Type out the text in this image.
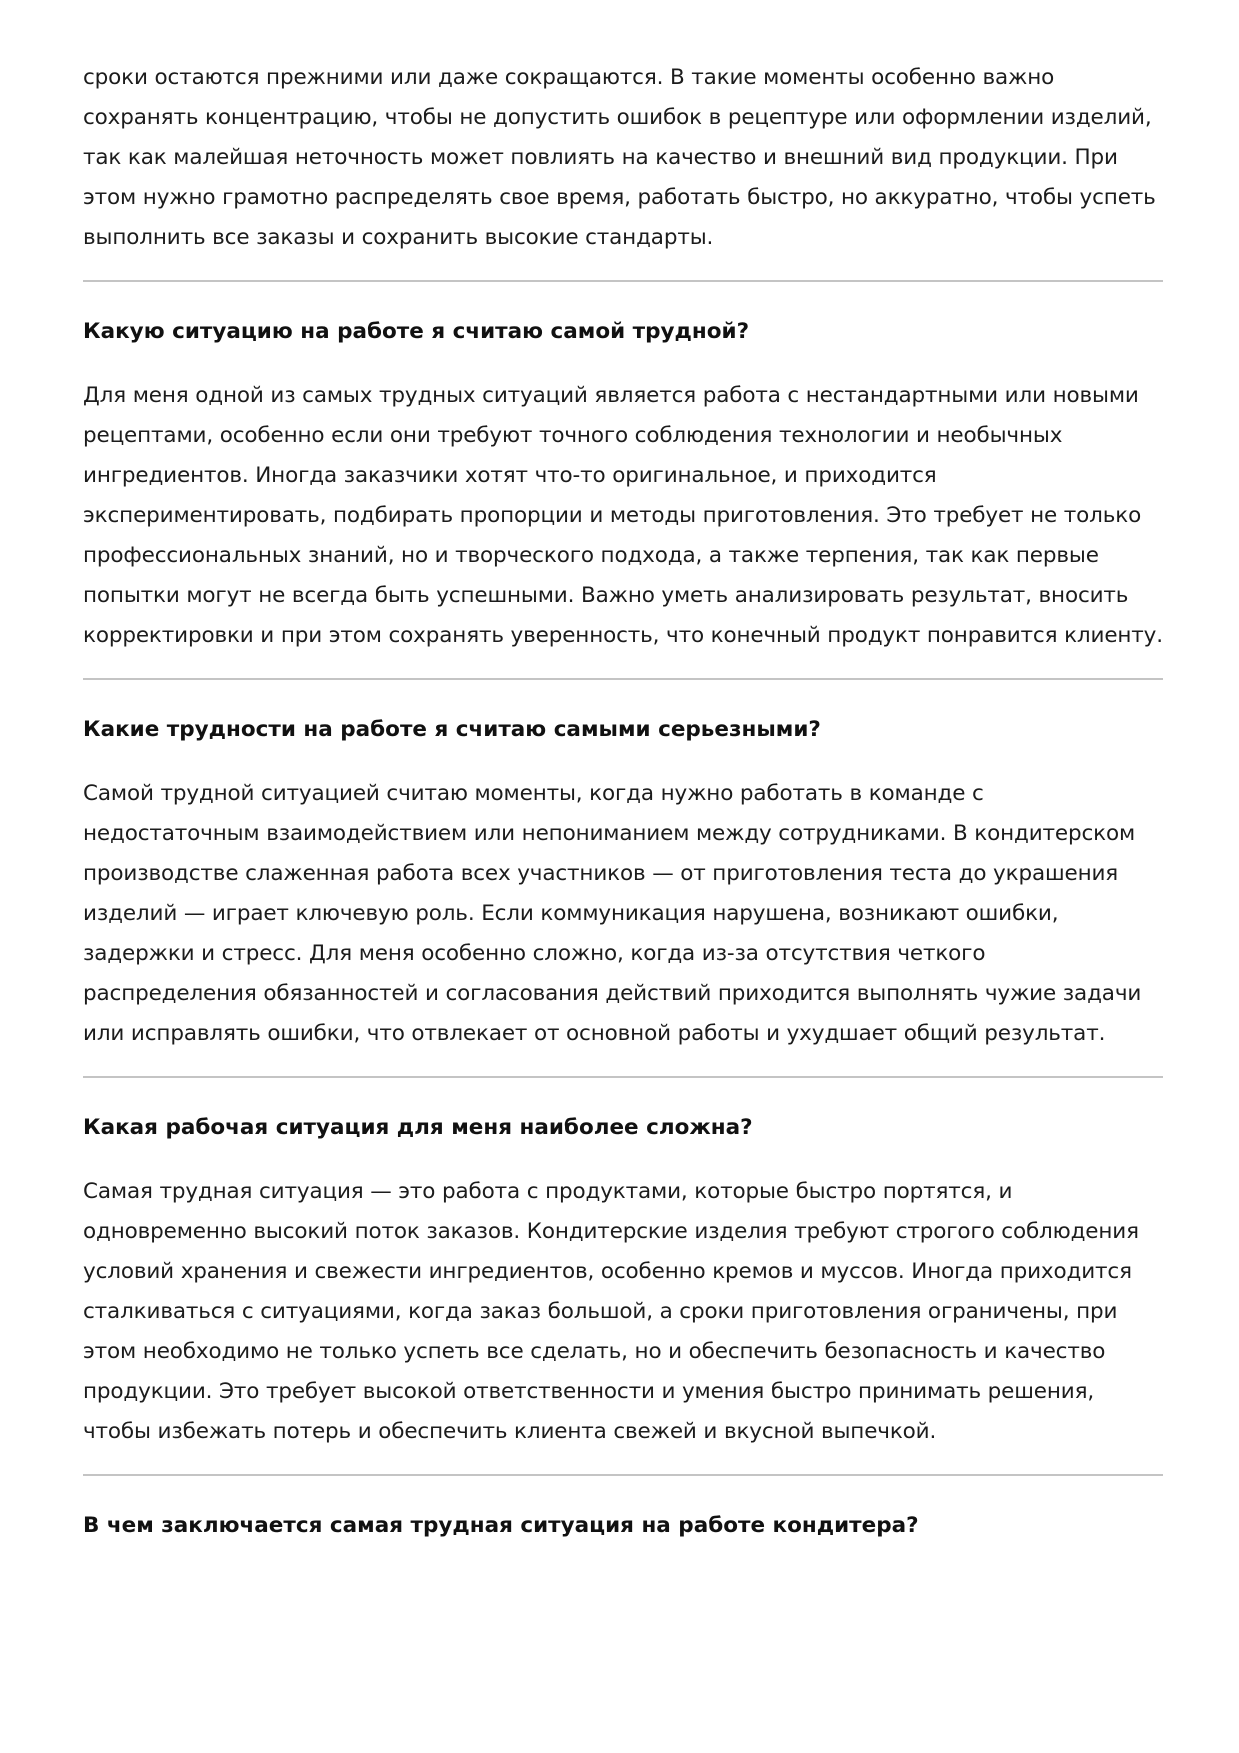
сроки остаются прежними или даже сокращаются. В такие моменты особенно важно сохранять концентрацию, чтобы не допустить ошибок в рецептуре или оформлении изделий, так как малейшая неточность может повлиять на качество и внешний вид продукции. При этом нужно грамотно распределять свое время, работать быстро, но аккуратно, чтобы успеть выполнить все заказы и сохранить высокие стандарты.

Какую ситуацию на работе я считаю самой трудной?

Для меня одной из самых трудных ситуаций является работа с нестандартными или новыми рецептами, особенно если они требуют точного соблюдения технологии и необычных ингредиентов. Иногда заказчики хотят что-то оригинальное, и приходится экспериментировать, подбирать пропорции и методы приготовления. Это требует не только профессиональных знаний, но и творческого подхода, а также терпения, так как первые попытки могут не всегда быть успешными. Важно уметь анализировать результат, вносить корректировки и при этом сохранять уверенность, что конечный продукт понравится клиенту.

Какие трудности на работе я считаю самыми серьезными?

Самой трудной ситуацией считаю моменты, когда нужно работать в команде с недостаточным взаимодействием или непониманием между сотрудниками. В кондитерском производстве слаженная работа всех участников — от приготовления теста до украшения изделий — играет ключевую роль. Если коммуникация нарушена, возникают ошибки, задержки и стресс. Для меня особенно сложно, когда из-за отсутствия четкого распределения обязанностей и согласования действий приходится выполнять чужие задачи или исправлять ошибки, что отвлекает от основной работы и ухудшает общий результат.

Какая рабочая ситуация для меня наиболее сложна?

Самая трудная ситуация — это работа с продуктами, которые быстро портятся, и одновременно высокий поток заказов. Кондитерские изделия требуют строгого соблюдения условий хранения и свежести ингредиентов, особенно кремов и муссов. Иногда приходится сталкиваться с ситуациями, когда заказ большой, а сроки приготовления ограничены, при этом необходимо не только успеть все сделать, но и обеспечить безопасность и качество продукции. Это требует высокой ответственности и умения быстро принимать решения, чтобы избежать потерь и обеспечить клиента свежей и вкусной выпечкой.

В чем заключается самая трудная ситуация на работе кондитера?
